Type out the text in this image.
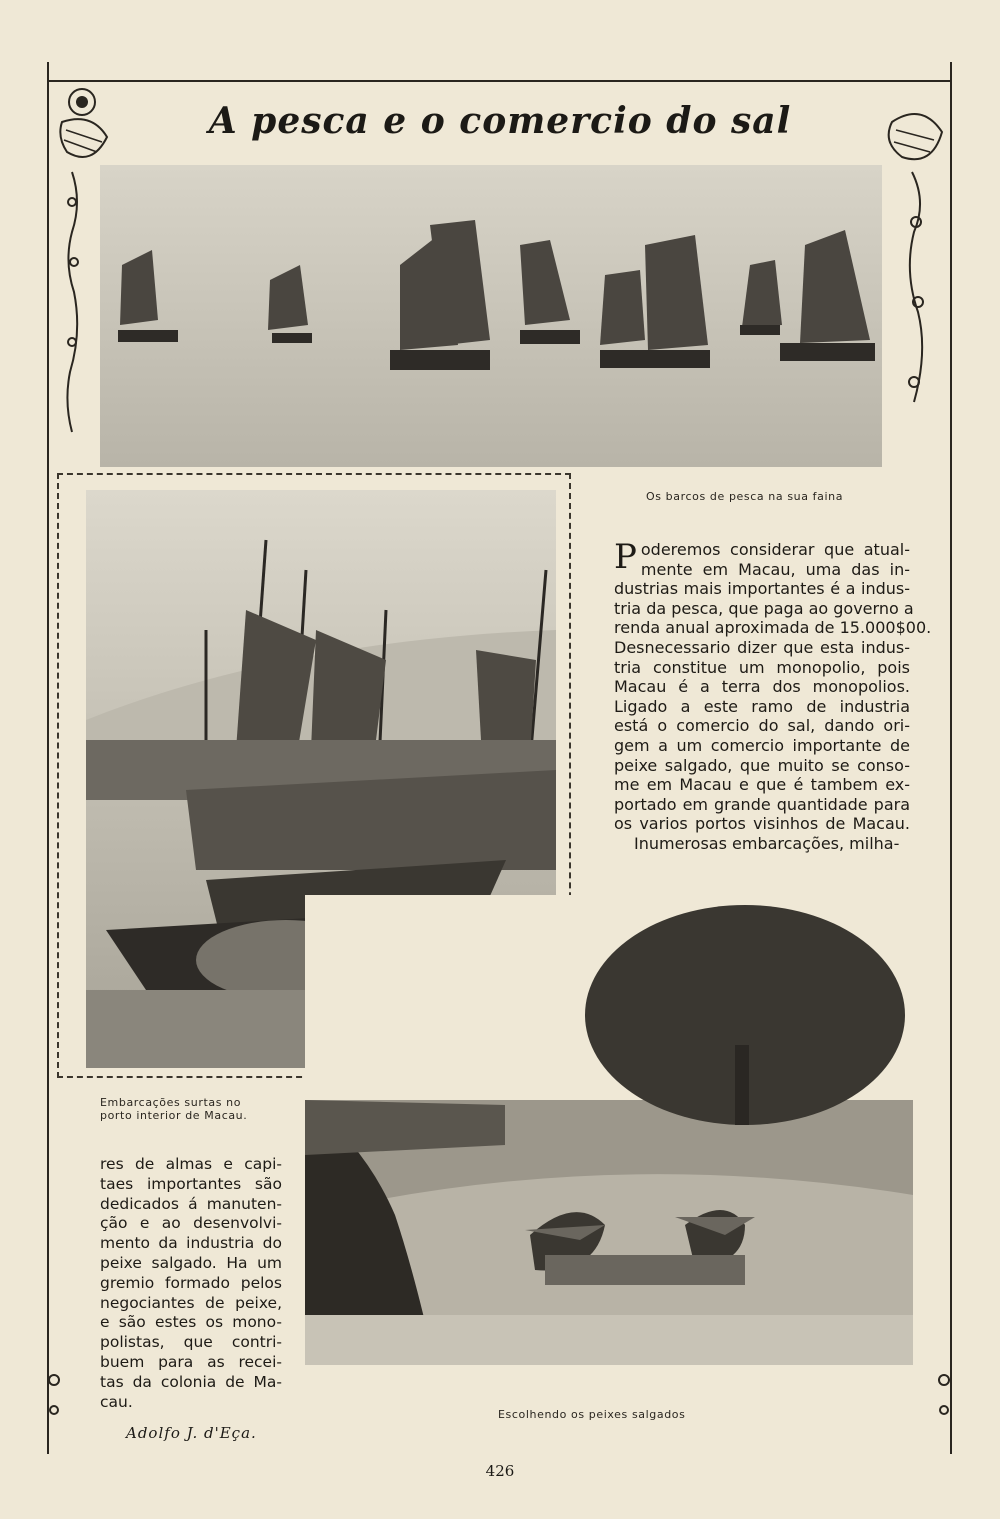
A pesca e o comercio do sal
Os barcos de pesca na sua faina
Embarcações surtas no
porto interior de Macau.
P oderemos considerar que atual-
mente em Macau, uma das in-
dustrias mais importantes é a indus-
tria da pesca, que paga ao governo a
renda anual aproximada de 15.000$00.
Desnecessario dizer que esta indus-
tria constitue um monopolio, pois
Macau é a terra dos monopolios.
Ligado a este ramo de industria
está o comercio do sal, dando ori-
gem a um comercio importante de
peixe salgado, que muito se conso-
me em Macau e que é tambem ex-
portado em grande quantidade para
os varios portos visinhos de Macau.
Inumerosas embarcações, milha-
Escolhendo os peixes salgados
res de almas e capi-
taes importantes são
dedicados á manuten-
ção e ao desenvolvi-
mento da industria do
peixe salgado. Ha um
gremio formado pelos
negociantes de peixe,
e são estes os mono-
polistas, que contri-
buem para as recei-
tas da colonia de Ma-
cau.
Adolfo J. d'Eça.
426
